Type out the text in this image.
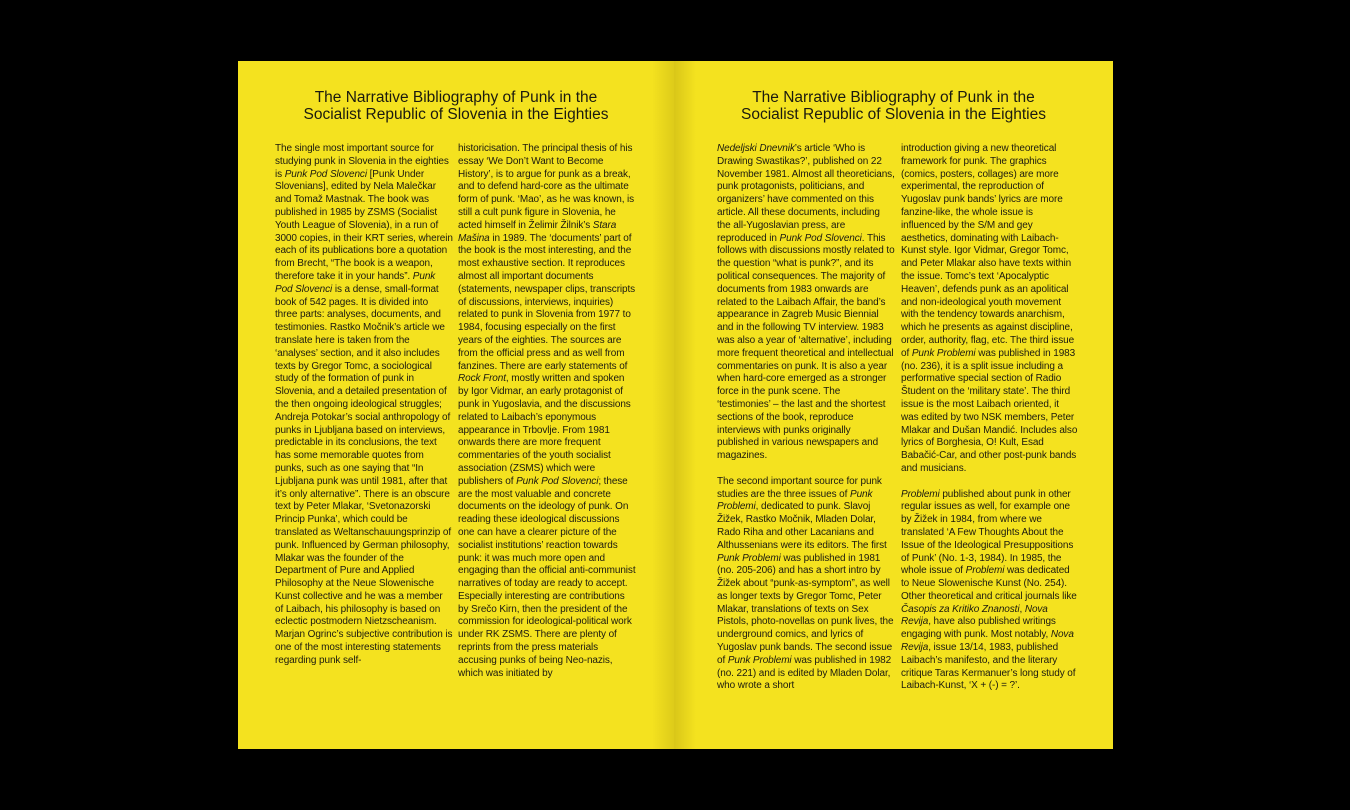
The Narrative Bibliography of Punk in the
Socialist Republic of Slovenia in the Eighties

The single most important source for studying punk in Slovenia in the eighties is Punk Pod Slovenci [Punk Under Slovenians], edited by Nela Malečkar and Tomaž Mastnak. The book was published in 1985 by ZSMS (Socialist Youth League of Slovenia), in a run of 3000 copies, in their KRT series, wherein each of its publications bore a quotation from Brecht, “The book is a weapon, therefore take it in your hands”. Punk Pod Slovenci is a dense, small-format book of 542 pages. It is divided into three parts: analyses, documents, and testimonies. Rastko Močnik’s article we translate here is taken from the ‘analyses’ section, and it also includes texts by Gregor Tomc, a sociological study of the formation of punk in Slovenia, and a detailed presentation of the then ongoing ideological struggles; Andreja Potokar’s social anthropology of punks in Ljubljana based on interviews, predictable in its conclusions, the text has some memorable quotes from punks, such as one saying that “In Ljubljana punk was until 1981, after that it’s only alternative”. There is an obscure text by Peter Mlakar, ‘Svetonazorski Princip Punka’, which could be translated as Weltanschauungsprinzip of punk. Influenced by German philosophy, Mlakar was the founder of the Department of Pure and Applied Philosophy at the Neue Slowenische Kunst collective and he was a member of Laibach, his philosophy is based on eclectic postmodern Nietzscheanism. Marjan Ogrinc’s subjective contribution is one of the most interesting statements regarding punk self-

historicisation. The principal thesis of his essay ‘We Don’t Want to Become History’, is to argue for punk as a break, and to defend hard-core as the ultimate form of punk. ‘Mao’, as he was known, is still a cult punk figure in Slovenia, he acted himself in Želimir Žilnik’s Stara Mašina in 1989. The ‘documents’ part of the book is the most interesting, and the most exhaustive section. It reproduces almost all important documents (statements, newspaper clips, transcripts of discussions, interviews, inquiries) related to punk in Slovenia from 1977 to 1984, focusing especially on the first years of the eighties. The sources are from the official press and as well from fanzines. There are early statements of Rock Front, mostly written and spoken by Igor Vidmar, an early protagonist of punk in Yugoslavia, and the discussions related to Laibach’s eponymous appearance in Trbovlje. From 1981 onwards there are more frequent commentaries of the youth socialist association (ZSMS) which were publishers of Punk Pod Slovenci; these are the most valuable and concrete documents on the ideology of punk. On reading these ideological discussions one can have a clearer picture of the socialist institutions’ reaction towards punk: it was much more open and engaging than the official anti-communist narratives of today are ready to accept. Especially interesting are contributions by Srečo Kirn, then the president of the commission for ideological-political work under RK ZSMS. There are plenty of reprints from the press materials accusing punks of being Neo-nazis, which was initiated by

The Narrative Bibliography of Punk in the
Socialist Republic of Slovenia in the Eighties

Nedeljski Dnevnik’s article ‘Who is Drawing Swastikas?’, published on 22 November 1981. Almost all theoreticians, punk protagonists, politicians, and organizers’ have commented on this article. All these documents, including the all-Yugoslavian press, are reproduced in Punk Pod Slovenci. This follows with discussions mostly related to the question “what is punk?”, and its political consequences. The majority of documents from 1983 onwards are related to the Laibach Affair, the band’s appearance in Zagreb Music Biennial and in the following TV interview. 1983 was also a year of ‘alternative’, including more frequent theoretical and intellectual commentaries on punk. It is also a year when hard-core emerged as a stronger force in the punk scene. The ‘testimonies’ – the last and the shortest sections of the book, reproduce interviews with punks originally published in various newspapers and magazines.

The second important source for punk studies are the three issues of Punk Problemi, dedicated to punk. Slavoj Žižek, Rastko Močnik, Mladen Dolar, Rado Riha and other Lacanians and Althussenians were its editors. The first Punk Problemi was published in 1981 (no. 205-206) and has a short intro by Žižek about “punk-as-symptom”, as well as longer texts by Gregor Tomc, Peter Mlakar, translations of texts on Sex Pistols, photo-novellas on punk lives, the underground comics, and lyrics of Yugoslav punk bands. The second issue of Punk Problemi was published in 1982 (no. 221) and is edited by Mladen Dolar, who wrote a short

introduction giving a new theoretical framework for punk. The graphics (comics, posters, collages) are more experimental, the reproduction of Yugoslav punk bands’ lyrics are more fanzine-like, the whole issue is influenced by the S/M and gey aesthetics, dominating with Laibach-Kunst style. Igor Vidmar, Gregor Tomc, and Peter Mlakar also have texts within the issue. Tomc’s text ‘Apocalyptic Heaven’, defends punk as an apolitical and non-ideological youth movement with the tendency towards anarchism, which he presents as against discipline, order, authority, flag, etc. The third issue of Punk Problemi was published in 1983 (no. 236), it is a split issue including a performative special section of Radio Študent on the ‘military state’. The third issue is the most Laibach oriented, it was edited by two NSK members, Peter Mlakar and Dušan Mandić. Includes also lyrics of Borghesia, O! Kult, Esad Babačić-Car, and other post-punk bands and musicians.

Problemi published about punk in other regular issues as well, for example one by Žižek in 1984, from where we translated ‘A Few Thoughts About the Issue of the Ideological Presuppositions of Punk’ (No. 1-3, 1984). In 1985, the whole issue of Problemi was dedicated to Neue Slowenische Kunst (No. 254). Other theoretical and critical journals like Časopis za Kritiko Znanosti, Nova Revija, have also published writings engaging with punk. Most notably, Nova Revija, issue 13/14, 1983, published Laibach’s manifesto, and the literary critique Taras Kermanuer’s long study of Laibach-Kunst, ‘X + (-) = ?’.
